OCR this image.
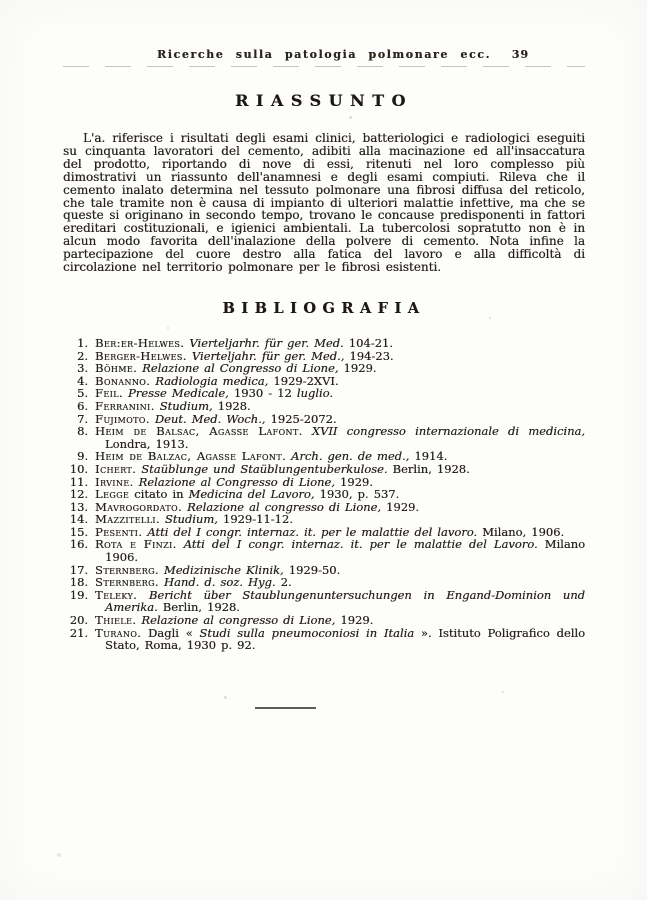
Ricerche sulla patologia polmonare ecc. 39
RIASSUNTO

L'a. riferisce i risultati degli esami clinici, batteriologici e radiologici eseguiti su cinquanta lavoratori del cemento, adibiti alla macinazione ed all'insaccatura del prodotto, riportando di nove di essi, ritenuti nel loro complesso più dimostrativi un riassunto dell'anamnesi e degli esami compiuti. Rileva che il cemento inalato determina nel tessuto polmonare una fibrosi diffusa del reticolo, che tale tramite non è causa di impianto di ulteriori malattie infettive, ma che se queste si originano in secondo tempo, trovano le concause predisponenti in fattori ereditari costituzionali, e igienici ambientali. La tubercolosi sopratutto non è in alcun modo favorita dell'inalazione della polvere di cemento. Nota infine la partecipazione del cuore destro alla fatica del lavoro e alla difficoltà di circolazione nel territorio polmonare per le fibrosi esistenti.

BIBLIOGRAFIA
1. Ber:er-Helwes. Vierteljarhr. für ger. Med. 104-21.
2. Berger-Helwes. Vierteljahr. für ger. Med., 194-23.
3. Böhme. Relazione al Congresso di Lione, 1929.
4. Bonanno. Radiologia medica, 1929-2XVI.
5. Feil. Presse Medicale, 1930 - 12 luglio.
6. Ferranini. Studium, 1928.
7. Fujimoto. Deut. Med. Woch., 1925-2072.
8. Heim de Balsac, Agasse Lafont. XVII congresso internazionale di medicina, Londra, 1913.
9. Heim de Balzac, Agasse Lafont. Arch. gen. de med., 1914.
10. Ichert. Staüblunge und Staüblungentuberkulose. Berlin, 1928.
11. Irvine. Relazione al Congresso di Lione, 1929.
12. Legge citato in Medicina del Lavoro, 1930, p. 537.
13. Mavrogordato. Relazione al congresso di Lione, 1929.
14. Mazzitelli. Studium, 1929-11-12.
15. Pesenti. Atti del I congr. internaz. it. per le malattie del lavoro. Milano, 1906.
16. Rota e Finzi. Atti del I congr. internaz. it. per le malattie del Lavoro. Milano 1906.
17. Sternberg. Medizinische Klinik, 1929-50.
18. Sternberg. Hand. d. soz. Hyg. 2.
19. Teleky. Bericht über Staublungenuntersuchungen in Engand-Dominion und Amerika. Berlin, 1928.
20. Thiele. Relazione al congresso di Lione, 1929.
21. Turano. Dagli « Studi sulla pneumoconiosi in Italia ». Istituto Poligrafico dello Stato, Roma, 1930 p. 92.
